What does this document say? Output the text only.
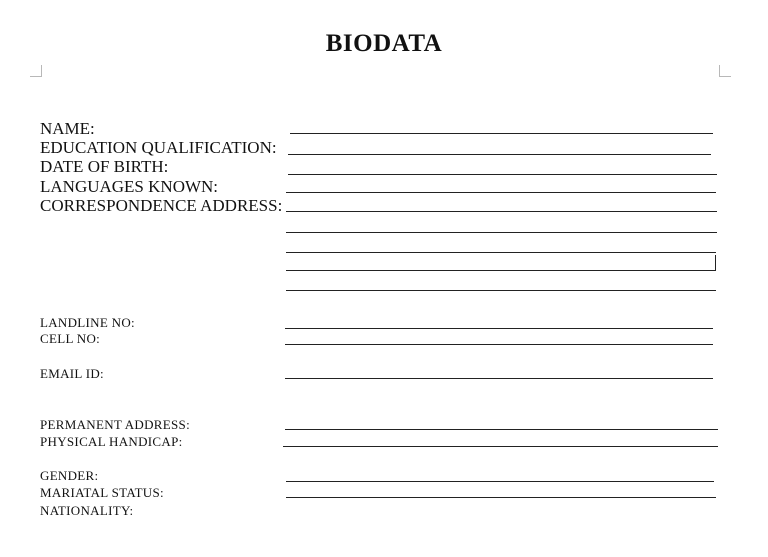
BIODATA
NAME:
EDUCATION QUALIFICATION:
DATE OF BIRTH:
LANGUAGES KNOWN:
CORRESPONDENCE ADDRESS:
LANDLINE NO:
CELL NO:
EMAIL ID:
PERMANENT ADDRESS:
PHYSICAL HANDICAP:
GENDER:
MARIATAL STATUS:
NATIONALITY:
